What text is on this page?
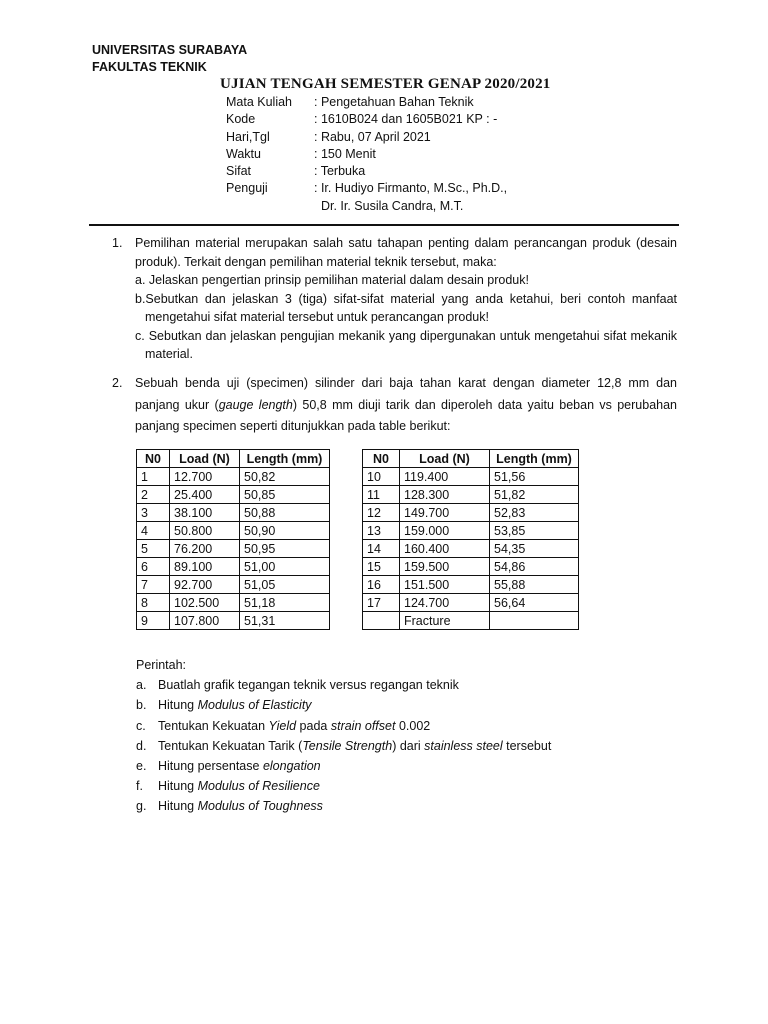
UNIVERSITAS SURABAYA
FAKULTAS TEKNIK
UJIAN TENGAH SEMESTER GENAP 2020/2021
Mata Kuliah	: Pengetahuan Bahan Teknik
Kode	: 1610B024 dan 1605B021 KP : -
Hari,Tgl	: Rabu, 07 April 2021
Waktu	: 150 Menit
Sifat	: Terbuka
Penguji	: Ir. Hudiyo Firmanto, M.Sc., Ph.D.,
Dr. Ir. Susila Candra, M.T.
1. Pemilihan material merupakan salah satu tahapan penting dalam perancangan produk (desain produk). Terkait dengan pemilihan material teknik tersebut, maka:
a. Jelaskan pengertian prinsip pemilihan material dalam desain produk!
b.Sebutkan dan jelaskan 3 (tiga) sifat-sifat material yang anda ketahui, beri contoh manfaat mengetahui sifat material tersebut untuk perancangan produk!
c. Sebutkan dan jelaskan pengujian mekanik yang dipergunakan untuk mengetahui sifat mekanik material.
2. Sebuah benda uji (specimen) silinder dari baja tahan karat dengan diameter 12,8 mm dan panjang ukur (gauge length) 50,8 mm diuji tarik dan diperoleh data yaitu beban vs perubahan panjang specimen seperti ditunjukkan pada table berikut:
N0	Load (N)	Length (mm)
1	12.700	50,82
2	25.400	50,85
3	38.100	50,88
4	50.800	50,90
5	76.200	50,95
6	89.100	51,00
7	92.700	51,05
8	102.500	51,18
9	107.800	51,31
N0	Load (N)	Length (mm)
10	119.400	51,56
11	128.300	51,82
12	149.700	52,83
13	159.000	53,85
14	160.400	54,35
15	159.500	54,86
16	151.500	55,88
17	124.700	56,64
	Fracture	
Perintah:
a. Buatlah grafik tegangan teknik versus regangan teknik
b. Hitung Modulus of Elasticity
c. Tentukan Kekuatan Yield pada strain offset 0.002
d. Tentukan Kekuatan Tarik (Tensile Strength) dari stainless steel tersebut
e. Hitung persentase elongation
f.	Hitung Modulus of Resilience
g. Hitung Modulus of Toughness
